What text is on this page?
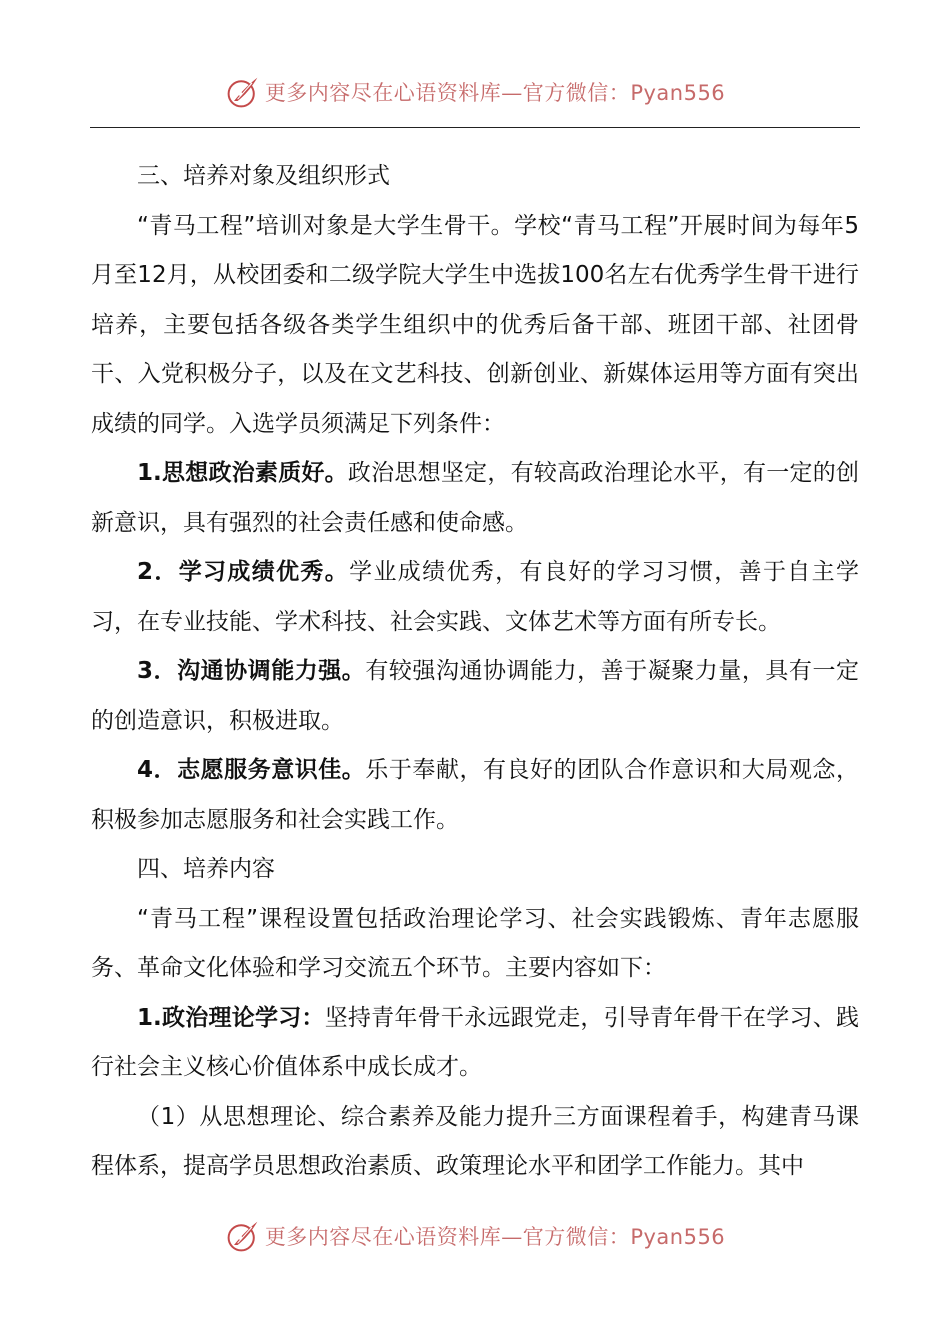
更多内容尽在心语资料库—官方微信：Pyan556

三、培养对象及组织形式

“青马工程”培训对象是大学生骨干。学校“青马工程”开展时间为每年5月至12月，从校团委和二级学院大学生中选拔100名左右优秀学生骨干进行培养，主要包括各级各类学生组织中的优秀后备干部、班团干部、社团骨干、入党积极分子，以及在文艺科技、创新创业、新媒体运用等方面有突出成绩的同学。入选学员须满足下列条件：

1.思想政治素质好。政治思想坚定，有较高政治理论水平，有一定的创新意识，具有强烈的社会责任感和使命感。

2．学习成绩优秀。学业成绩优秀，有良好的学习习惯，善于自主学习，在专业技能、学术科技、社会实践、文体艺术等方面有所专长。

3．沟通协调能力强。有较强沟通协调能力，善于凝聚力量，具有一定的创造意识，积极进取。

4．志愿服务意识佳。乐于奉献，有良好的团队合作意识和大局观念，积极参加志愿服务和社会实践工作。

四、培养内容

“青马工程”课程设置包括政治理论学习、社会实践锻炼、青年志愿服务、革命文化体验和学习交流五个环节。主要内容如下：

1.政治理论学习：坚持青年骨干永远跟党走，引导青年骨干在学习、践行社会主义核心价值体系中成长成才。

（1）从思想理论、综合素养及能力提升三方面课程着手，构建青马课程体系，提高学员思想政治素质、政策理论水平和团学工作能力。其中

更多内容尽在心语资料库—官方微信：Pyan556
